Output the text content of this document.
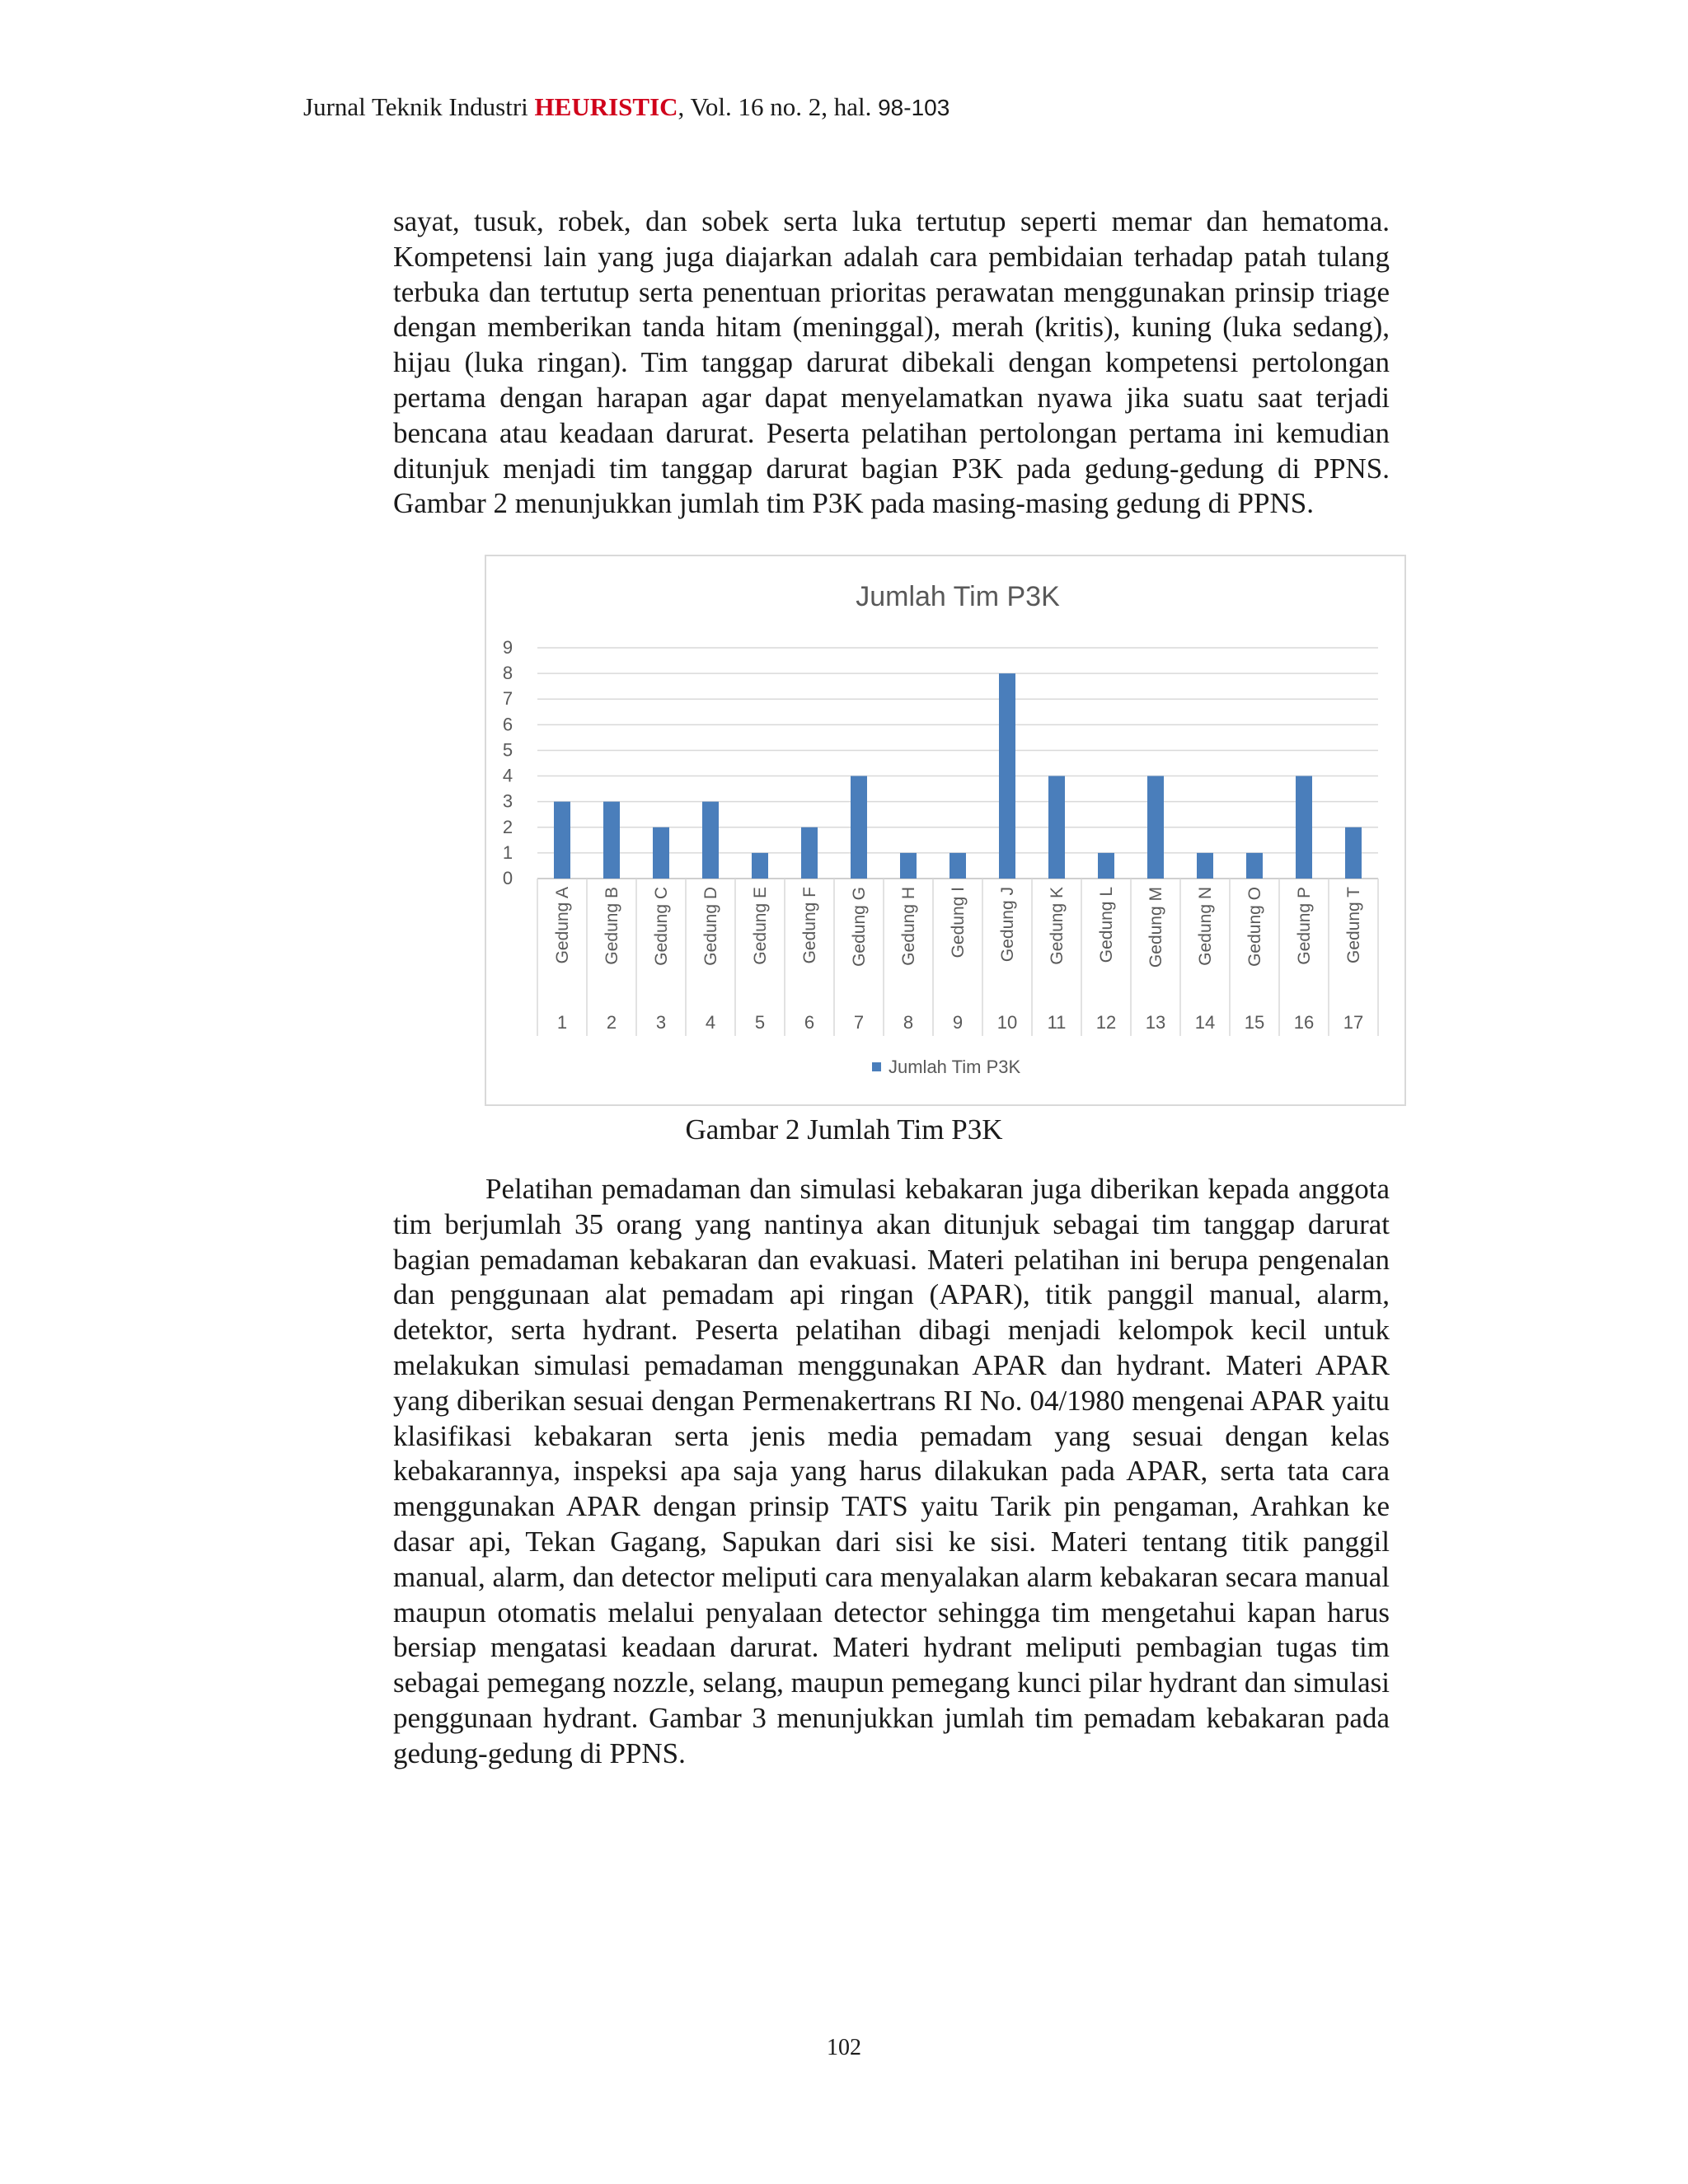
Jurnal Teknik Industri HEURISTIC, Vol. 16 no. 2, hal. 98-103

sayat, tusuk, robek, dan sobek serta luka tertutup seperti memar dan hematoma. Kompetensi lain yang juga diajarkan adalah cara pembidaian terhadap patah tulang terbuka dan tertutup serta penentuan prioritas perawatan menggunakan prinsip triage dengan memberikan tanda hitam (meninggal), merah (kritis), kuning (luka sedang), hijau (luka ringan). Tim tanggap darurat dibekali dengan kompetensi pertolongan pertama dengan harapan agar dapat menyelamatkan nyawa jika suatu saat terjadi bencana atau keadaan darurat. Peserta pelatihan pertolongan pertama ini kemudian ditunjuk menjadi tim tanggap darurat bagian P3K pada gedung-gedung di PPNS. Gambar 2 menunjukkan jumlah tim P3K pada masing-masing gedung di PPNS.

Jumlah Tim P3K
0
1
2
3
4
5
6
7
8
9
Gedung A
1
Gedung B
2
Gedung C
3
Gedung D
4
Gedung E
5
Gedung F
6
Gedung G
7
Gedung H
8
Gedung I
9
Gedung J
10
Gedung K
11
Gedung L
12
Gedung M
13
Gedung N
14
Gedung O
15
Gedung P
16
Gedung T
17
Jumlah Tim P3K
Gambar 2 Jumlah Tim P3K

Pelatihan pemadaman dan simulasi kebakaran juga diberikan kepada anggota tim berjumlah 35 orang yang nantinya akan ditunjuk sebagai tim tanggap darurat bagian pemadaman kebakaran dan evakuasi. Materi pelatihan ini berupa pengenalan dan penggunaan alat pemadam api ringan (APAR), titik panggil manual, alarm, detektor, serta hydrant. Peserta pelatihan dibagi menjadi kelompok kecil untuk melakukan simulasi pemadaman menggunakan APAR dan hydrant. Materi APAR yang diberikan sesuai dengan Permenakertrans RI No. 04/1980 mengenai APAR yaitu klasifikasi kebakaran serta jenis media pemadam yang sesuai dengan kelas kebakarannya, inspeksi apa saja yang harus dilakukan pada APAR, serta tata cara menggunakan APAR dengan prinsip TATS yaitu Tarik pin pengaman, Arahkan ke dasar api, Tekan Gagang, Sapukan dari sisi ke sisi. Materi tentang titik panggil manual, alarm, dan detector meliputi cara menyalakan alarm kebakaran secara manual maupun otomatis melalui penyalaan detector sehingga tim mengetahui kapan harus bersiap mengatasi keadaan darurat. Materi hydrant meliputi pembagian tugas tim sebagai pemegang nozzle, selang, maupun pemegang kunci pilar hydrant dan simulasi penggunaan hydrant. Gambar 3 menunjukkan jumlah tim pemadam kebakaran pada gedung-gedung di PPNS.

102
